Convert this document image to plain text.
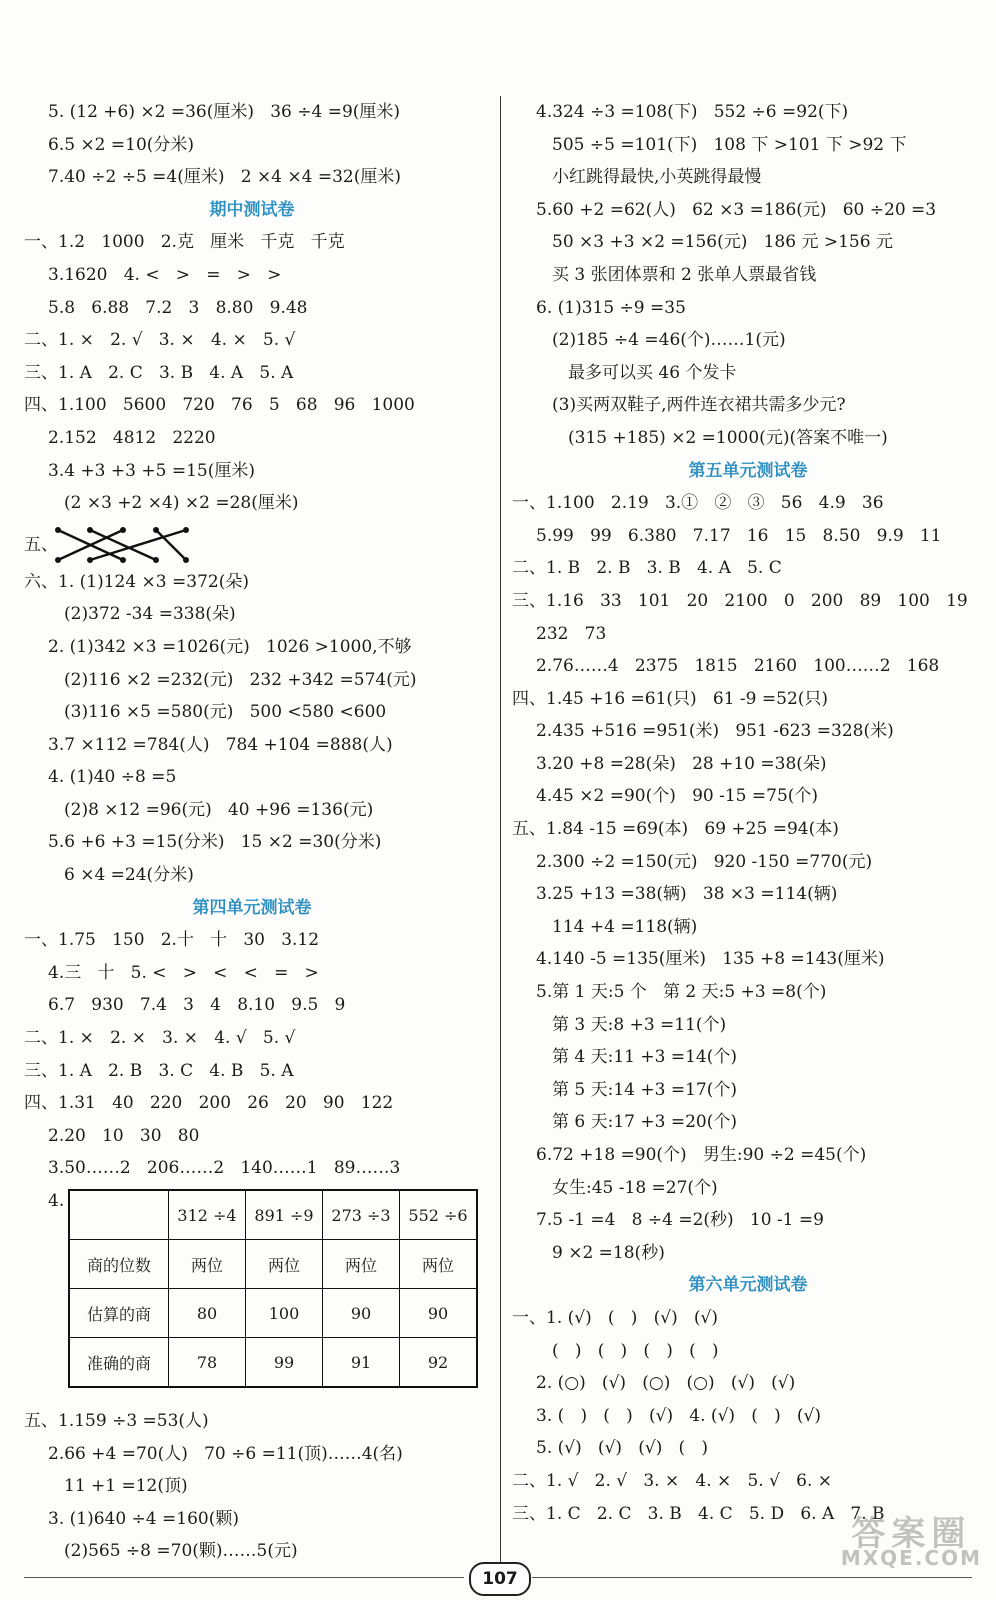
5. (12 +6) ×2 =36(厘米)   36 ÷4 =9(厘米)
6.5 ×2 =10(分米)
7.40 ÷2 ÷5 =4(厘米)   2 ×4 ×4 =32(厘米)
期中测试卷
一、1.2   1000   2.克   厘米   千克   千克
3.1620   4. <   >   =   >   >
5.8   6.88   7.2   3   8.80   9.48
二、1. ×   2. √   3. ×   4. ×   5. √
三、1. A   2. C   3. B   4. A   5. A
四、1.100   5600   720   76   5   68   96   1000
2.152   4812   2220
3.4 +3 +3 +5 =15(厘米)
(2 ×3 +2 ×4) ×2 =28(厘米)
五、
六、1. (1)124 ×3 =372(朵)
(2)372 -34 =338(朵)
2. (1)342 ×3 =1026(元)   1026 >1000,不够
(2)116 ×2 =232(元)   232 +342 =574(元)
(3)116 ×5 =580(元)   500 <580 <600
3.7 ×112 =784(人)   784 +104 =888(人)
4. (1)40 ÷8 =5
(2)8 ×12 =96(元)   40 +96 =136(元)
5.6 +6 +3 =15(分米)   15 ×2 =30(分米)
6 ×4 =24(分米)
第四单元测试卷
一、1.75   150   2.十   十   30   3.12
4.三   十   5. <   >   <   <   =   >
6.7   930   7.4   3   4   8.10   9.5   9
二、1. ×   2. ×   3. ×   4. √   5. √
三、1. A   2. B   3. C   4. B   5. A
四、1.31   40   220   200   26   20   90   122
2.20   10   30   80
3.50……2   206……2   140……1   89……3
4.
	312 ÷4	891 ÷9	273 ÷3	552 ÷6
商的位数	两位	两位	两位	两位
估算的商	80	100	90	90
准确的商	78	99	91	92
五、1.159 ÷3 =53(人)
2.66 +4 =70(人)   70 ÷6 =11(顶)……4(名)
11 +1 =12(顶)
3. (1)640 ÷4 =160(颗)
(2)565 ÷8 =70(颗)……5(元)
4.324 ÷3 =108(下)   552 ÷6 =92(下)
505 ÷5 =101(下)   108 下 >101 下 >92 下
小红跳得最快,小英跳得最慢
5.60 +2 =62(人)   62 ×3 =186(元)   60 ÷20 =3
50 ×3 +3 ×2 =156(元)   186 元 >156 元
买 3 张团体票和 2 张单人票最省钱
6. (1)315 ÷9 =35
(2)185 ÷4 =46(个)……1(元)
最多可以买 46 个发卡
(3)买两双鞋子,两件连衣裙共需多少元?
(315 +185) ×2 =1000(元)(答案不唯一)
第五单元测试卷
一、1.100   2.19   3.①   ②   ③   56   4.9   36
5.99   99   6.380   7.17   16   15   8.50   9.9   11
二、1. B   2. B   3. B   4. A   5. C
三、1.16   33   101   20   2100   0   200   89   100   19
232   73
2.76……4   2375   1815   2160   100……2   168
四、1.45 +16 =61(只)   61 -9 =52(只)
2.435 +516 =951(米)   951 -623 =328(米)
3.20 +8 =28(朵)   28 +10 =38(朵)
4.45 ×2 =90(个)   90 -15 =75(个)
五、1.84 -15 =69(本)   69 +25 =94(本)
2.300 ÷2 =150(元)   920 -150 =770(元)
3.25 +13 =38(辆)   38 ×3 =114(辆)
114 +4 =118(辆)
4.140 -5 =135(厘米)   135 +8 =143(厘米)
5.第 1 天:5 个   第 2 天:5 +3 =8(个)
第 3 天:8 +3 =11(个)
第 4 天:11 +3 =14(个)
第 5 天:14 +3 =17(个)
第 6 天:17 +3 =20(个)
6.72 +18 =90(个)   男生:90 ÷2 =45(个)
女生:45 -18 =27(个)
7.5 -1 =4   8 ÷4 =2(秒)   10 -1 =9
9 ×2 =18(秒)
第六单元测试卷
一、1. (√)   (   )   (√)   (√)
(   )   (   )   (   )   (   )
2. (○)   (√)   (○)   (○)   (√)   (√)
3. (   )   (   )   (√)   4. (√)   (   )   (√)
5. (√)   (√)   (√)   (   )
二、1. √   2. √   3. ×   4. ×   5. √   6. ×
三、1. C   2. C   3. B   4. C   5. D   6. A   7. B
107
答案圈
MXQE.COM
